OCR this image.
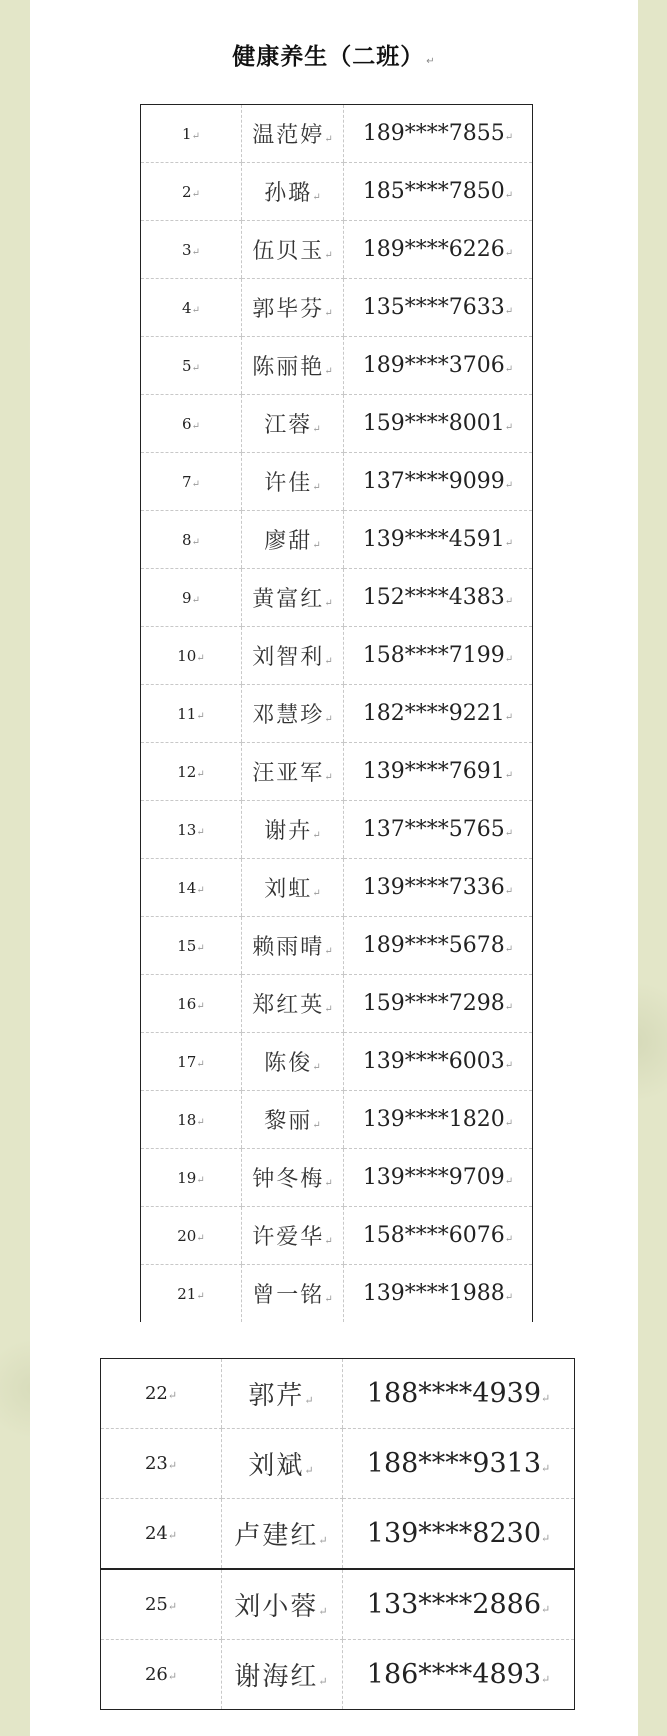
健康养生（二班） ↵
1↵	温范婷↵	189****7855↵
2↵	孙璐↵	185****7850↵
3↵	伍贝玉↵	189****6226↵
4↵	郭毕芬↵	135****7633↵
5↵	陈丽艳↵	189****3706↵
6↵	江蓉↵	159****8001↵
7↵	许佳↵	137****9099↵
8↵	廖甜↵	139****4591↵
9↵	黄富红↵	152****4383↵
10↵	刘智利↵	158****7199↵
11↵	邓慧珍↵	182****9221↵
12↵	汪亚军↵	139****7691↵
13↵	谢卉↵	137****5765↵
14↵	刘虹↵	139****7336↵
15↵	赖雨晴↵	189****5678↵
16↵	郑红英↵	159****7298↵
17↵	陈俊↵	139****6003↵
18↵	黎丽↵	139****1820↵
19↵	钟冬梅↵	139****9709↵
20↵	许爱华↵	158****6076↵
21↵	曾一铭↵	139****1988↵
22↵	郭芹↵	188****4939↵
23↵	刘斌↵	188****9313↵
24↵	卢建红↵	139****8230↵
25↵	刘小蓉↵	133****2886↵
26↵	谢海红↵	186****4893↵
